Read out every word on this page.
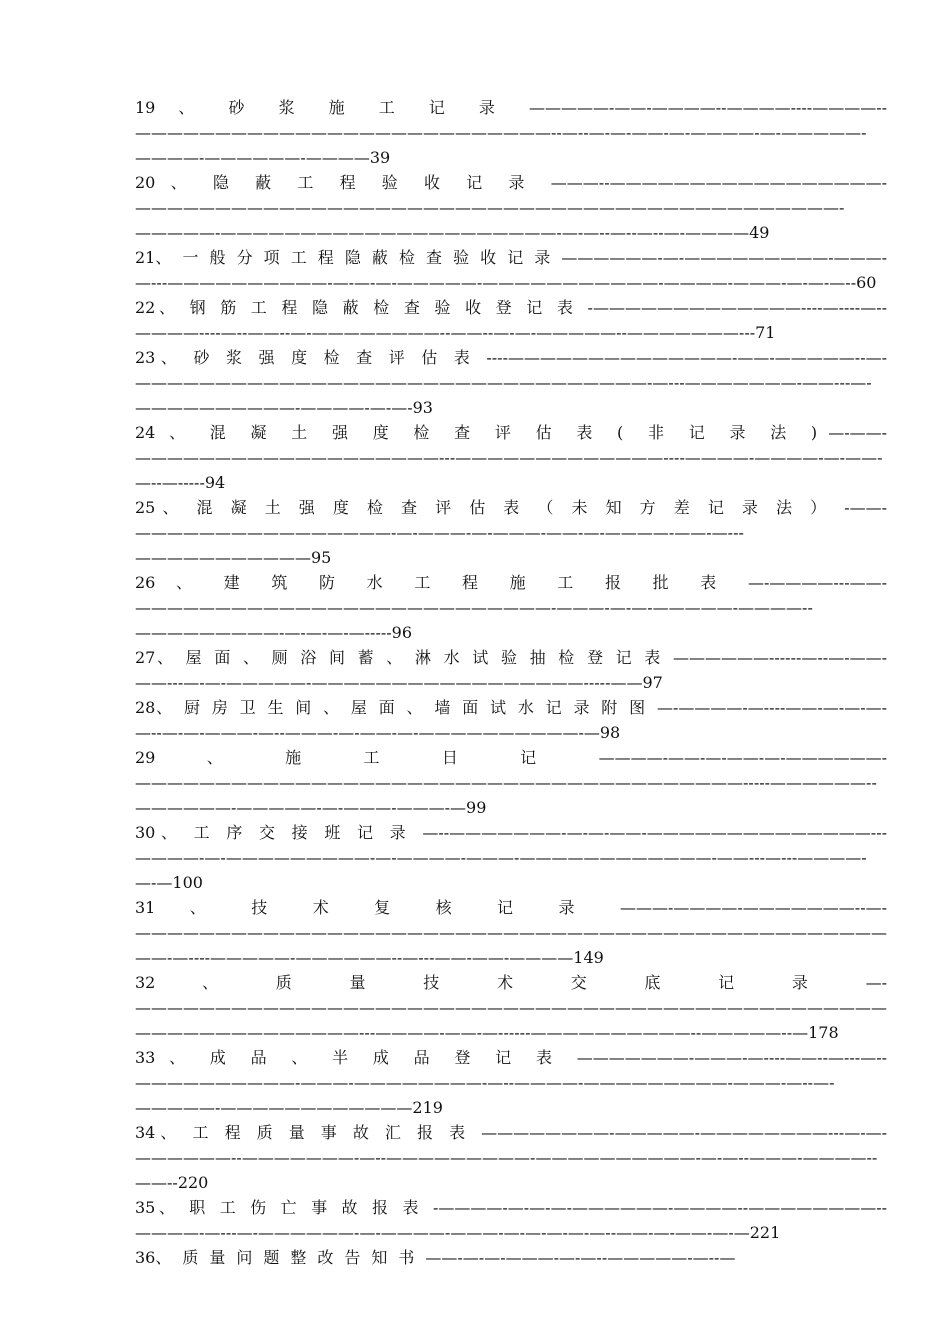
19、砂浆施工记录—————-——-————--————----————--——————————————————————————--—--—-—-——-—-————-—-—————-————-——————-————39

20、隐蔽工程验收记录———--—————————————————-————————————————————————————————————————————-—————-—————————————————————-—-—--—--—--—-————49

21、一般分项工程隐蔽检查验收记录——————-—-—————————-———-—---——————————-—-—-—-—————-———————————-————-———-—-—-—--60

22、钢筋工程隐蔽检查验收登记表-—————————————----—----—--————----—--——--—-————————--——--—-—-—————--———————---71

23、砂浆强度检查评估表----——————————————-——-—————--—-————————————————————————————————-—---———————-——---—-——————————-————-—-—-93

24、混凝土强度检查评估表(非记录法)—-——-———————————————————---—————————————----————-————-—-——-—--—-----94

25、混凝土强度检查评估表（未知方差记录法）-——-————————————————-—-———-—-———-——-—-————-——-—---———————————95

26、建筑防水工程施工报批表—-————---——-——————————————————————————-———-—-—-—————-————--—————————-—-—-—-—-----96

27、屋面、厕浴间蓄、淋水试验抽检登记表——————------—--—-——-——---—-—-—————-—————————————————-----——97

28、厨房卫生间、屋面、墙面试水记录附图—-————-—----——-—-—-—-—--—-—-———-—--———-—-——-—-——————————-—98

29、施工日记————-——-—-——-—-——————-——————————————————————————————————————-----——————--——————-—————-—-———-———-—99

30、工序交接班记录—--———————-—-—-——-——————————————---————-—-—————————-—-————-———-————————————-——---—---————-—-—100

31、技术复核记录———-————-———————--—-—————————————————————————————————————————————————-—----—————-——————--—---——-——-————149

32、质量技术交底记录—-—————————————————————————————————————————————————————————————---————-——-—------——————————--—————--—178

33、成品、半成品登记表———————-———-—----——--—---—--——————————-———-————————-—--————-—————————-———-—--—-—————-————————————219

34、工程质量事故汇报表————————-—————-————————---—-—-——————--———————-—--—————————-——————————-—-—--———-————--——--220

35、职工伤亡事故报表-————-—-—-—-——————-————--————————--————-—---—-——————-—-————-———-—-—-—-—-—--——-—-——-—-—221

36、质量问题整改告知书——-—-—-———-—-—--—————-—--—
